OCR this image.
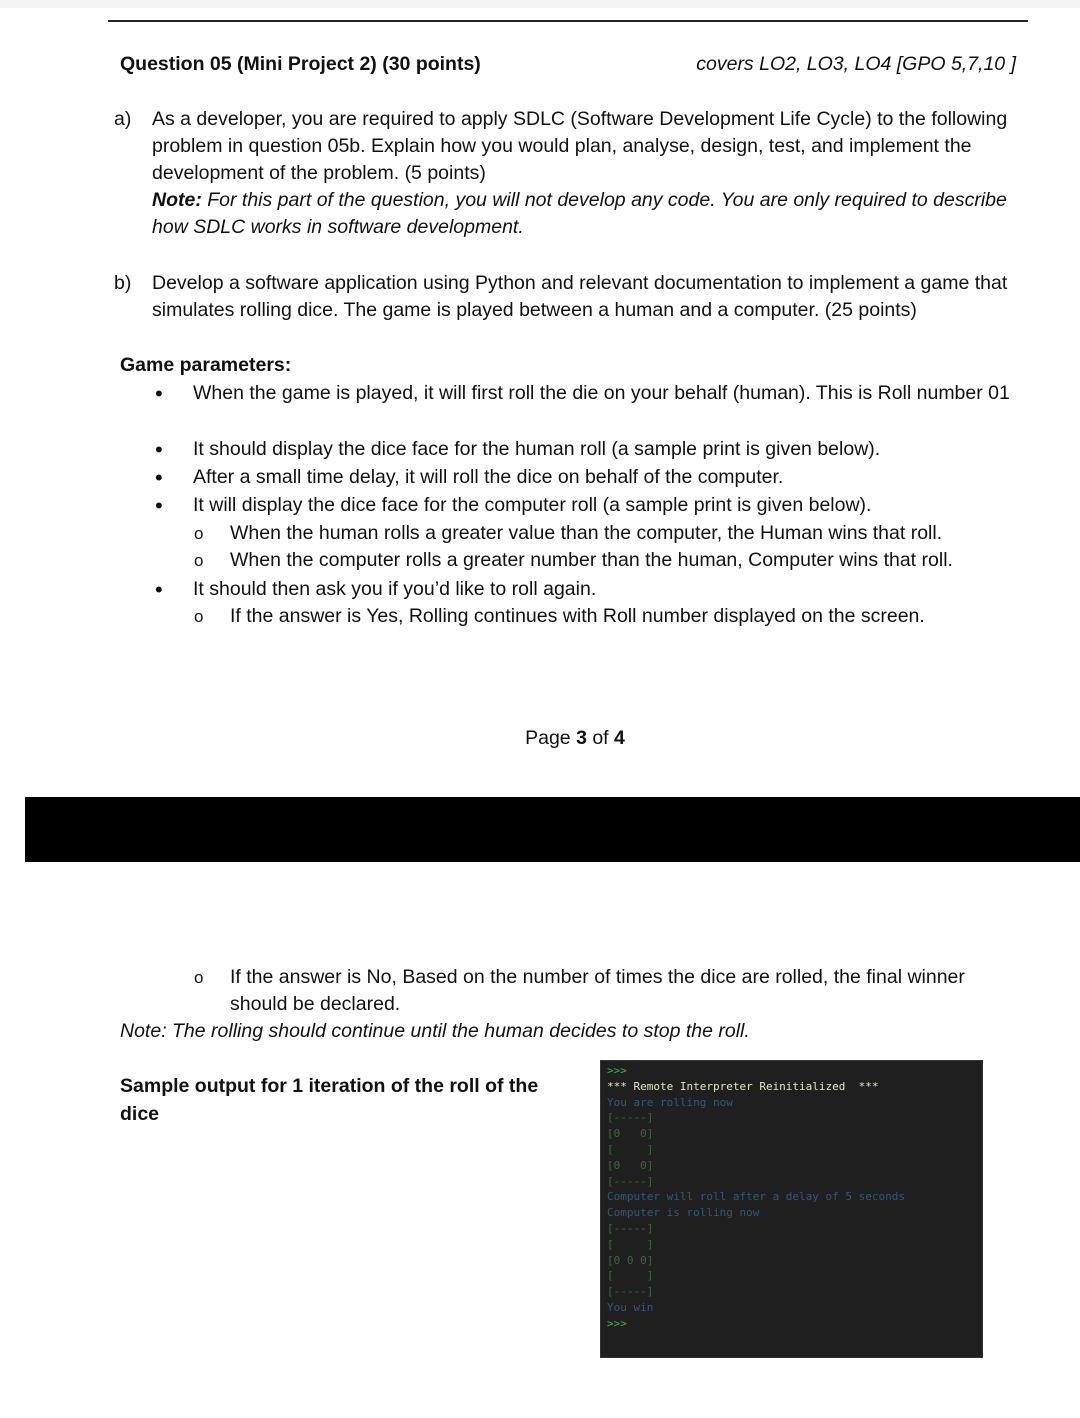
Question 05 (Mini Project 2) (30 points)	covers LO2, LO3, LO4 [GPO 5,7,10 ]
a) As a developer, you are required to apply SDLC (Software Development Life Cycle) to the following problem in question 05b. Explain how you would plan, analyse, design, test, and implement the development of the problem. (5 points)
Note: For this part of the question, you will not develop any code. You are only required to describe how SDLC works in software development.
b) Develop a software application using Python and relevant documentation to implement a game that simulates rolling dice. The game is played between a human and a computer. (25 points)
Game parameters:
• When the game is played, it will first roll the die on your behalf (human). This is Roll number 01
• It should display the dice face for the human roll (a sample print is given below).
• After a small time delay, it will roll the dice on behalf of the computer.
• It will display the dice face for the computer roll (a sample print is given below).
o When the human rolls a greater value than the computer, the Human wins that roll.
o When the computer rolls a greater number than the human, Computer wins that roll.
• It should then ask you if you’d like to roll again.
o If the answer is Yes, Rolling continues with Roll number displayed on the screen.
Page 3 of 4
o If the answer is No, Based on the number of times the dice are rolled, the final winner should be declared.
Note: The rolling should continue until the human decides to stop the roll.
Sample output for 1 iteration of the roll of the dice
>>>
*** Remote Interpreter Reinitialized  ***
You are rolling now
[-----]
[0   0]
[     ]
[0   0]
[-----]
Computer will roll after a delay of 5 seconds
Computer is rolling now
[-----]
[     ]
[0 0 0]
[     ]
[-----]
You win
>>>
